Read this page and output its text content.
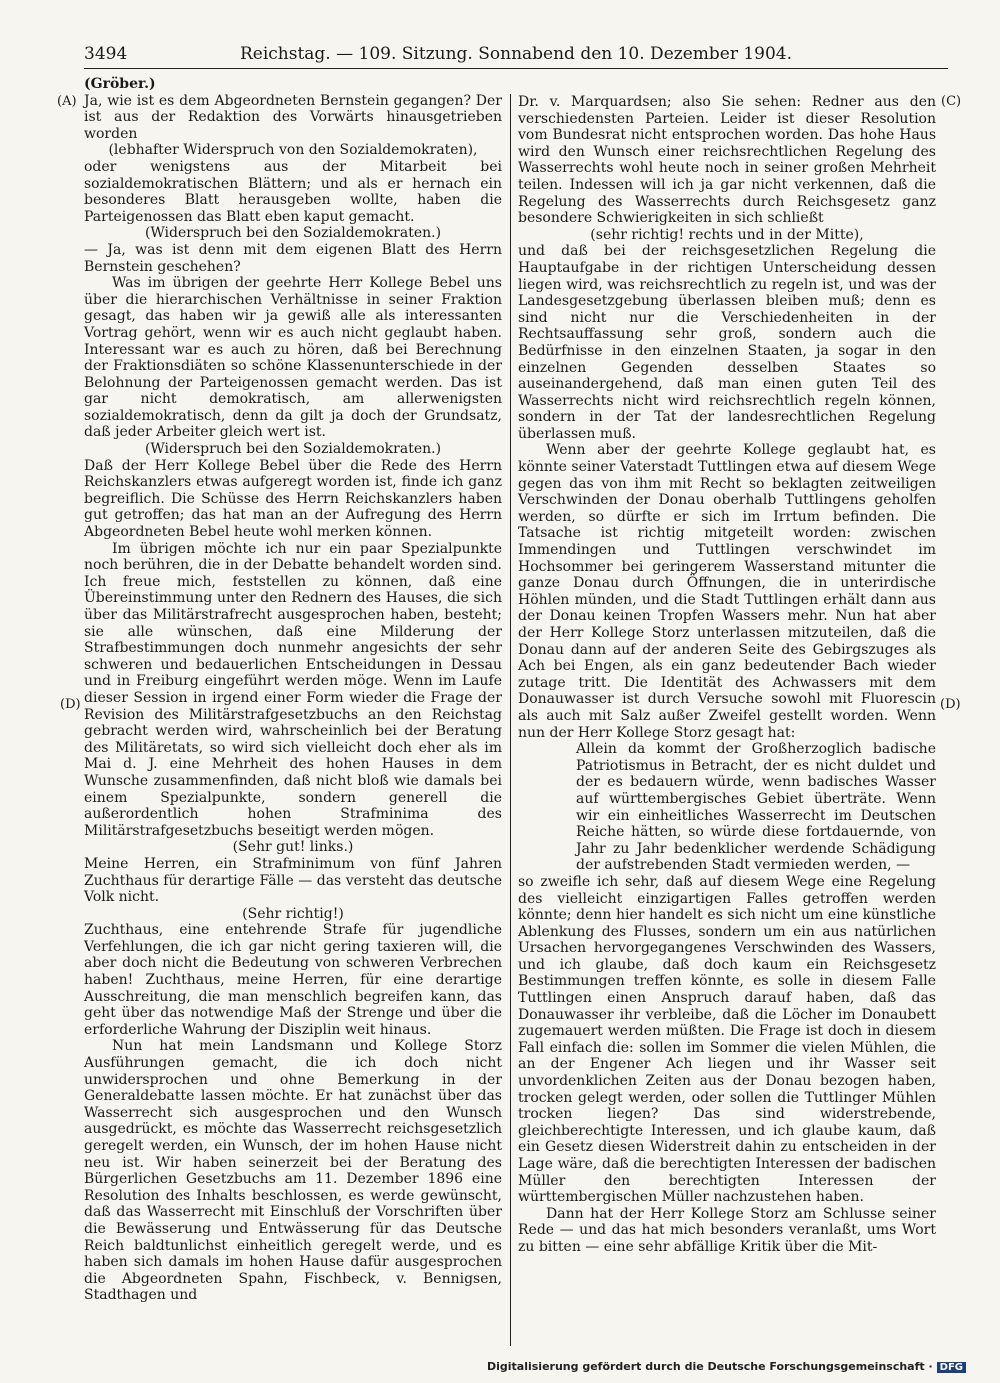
3494	Reichstag. — 109. Sitzung. Sonnabend den 10. Dezember 1904.
(A)	(C)
(D)	(D)

(Gröber.)

Ja, wie ist es dem Abgeordneten Bernstein gegangen? Der ist aus der Redaktion des Vorwärts hinausgetrieben worden

(lebhafter Widerspruch von den Sozialdemokraten),

oder wenigstens aus der Mitarbeit bei sozialdemokratischen Blättern; und als er hernach ein besonderes Blatt herausgeben wollte, haben die Parteigenossen das Blatt eben kaput gemacht.

(Widerspruch bei den Sozialdemokraten.)

— Ja, was ist denn mit dem eigenen Blatt des Herrn Bernstein geschehen?

Was im übrigen der geehrte Herr Kollege Bebel uns über die hierarchischen Verhältnisse in seiner Fraktion gesagt, das haben wir ja gewiß alle als interessanten Vortrag gehört, wenn wir es auch nicht geglaubt haben. Interessant war es auch zu hören, daß bei Berechnung der Fraktionsdiäten so schöne Klassenunterschiede in der Belohnung der Parteigenossen gemacht werden. Das ist gar nicht demokratisch, am allerwenigsten sozialdemokratisch, denn da gilt ja doch der Grundsatz, daß jeder Arbeiter gleich wert ist.

(Widerspruch bei den Sozialdemokraten.)

Daß der Herr Kollege Bebel über die Rede des Herrn Reichskanzlers etwas aufgeregt worden ist, finde ich ganz begreiflich. Die Schüsse des Herrn Reichskanzlers haben gut getroffen; das hat man an der Aufregung des Herrn Abgeordneten Bebel heute wohl merken können.

Im übrigen möchte ich nur ein paar Spezialpunkte noch berühren, die in der Debatte behandelt worden sind. Ich freue mich, feststellen zu können, daß eine Übereinstimmung unter den Rednern des Hauses, die sich über das Militärstrafrecht ausgesprochen haben, besteht; sie alle wünschen, daß eine Milderung der Strafbestimmungen doch nunmehr angesichts der sehr schweren und bedauerlichen Entscheidungen in Dessau und in Freiburg eingeführt werden möge. Wenn im Laufe dieser Session in irgend einer Form wieder die Frage der Revision des Militärstrafgesetzbuchs an den Reichstag gebracht werden wird, wahrscheinlich bei der Beratung des Militäretats, so wird sich vielleicht doch eher als im Mai d. J. eine Mehrheit des hohen Hauses in dem Wunsche zusammenfinden, daß nicht bloß wie damals bei einem Spezialpunkte, sondern generell die außerordentlich hohen Strafminima des Militärstrafgesetzbuchs beseitigt werden mögen.

(Sehr gut! links.)

Meine Herren, ein Strafminimum von fünf Jahren Zuchthaus für derartige Fälle — das versteht das deutsche Volk nicht.

(Sehr richtig!)

Zuchthaus, eine entehrende Strafe für jugendliche Verfehlungen, die ich gar nicht gering taxieren will, die aber doch nicht die Bedeutung von schweren Verbrechen haben! Zuchthaus, meine Herren, für eine derartige Ausschreitung, die man menschlich begreifen kann, das geht über das notwendige Maß der Strenge und über die erforderliche Wahrung der Disziplin weit hinaus.

Nun hat mein Landsmann und Kollege Storz Ausführungen gemacht, die ich doch nicht unwidersprochen und ohne Bemerkung in der Generaldebatte lassen möchte. Er hat zunächst über das Wasserrecht sich ausgesprochen und den Wunsch ausgedrückt, es möchte das Wasserrecht reichsgesetzlich geregelt werden, ein Wunsch, der im hohen Hause nicht neu ist. Wir haben seinerzeit bei der Beratung des Bürgerlichen Gesetzbuchs am 11. Dezember 1896 eine Resolution des Inhalts beschlossen, es werde gewünscht, daß das Wasserrecht mit Einschluß der Vorschriften über die Bewässerung und Entwässerung für das Deutsche Reich baldtunlichst einheitlich geregelt werde, und es haben sich damals im hohen Hause dafür ausgesprochen die Abgeordneten Spahn, Fischbeck, v. Bennigsen, Stadthagen und

Dr. v. Marquardsen; also Sie sehen: Redner aus den verschiedensten Parteien. Leider ist dieser Resolution vom Bundesrat nicht entsprochen worden. Das hohe Haus wird den Wunsch einer reichsrechtlichen Regelung des Wasserrechts wohl heute noch in seiner großen Mehrheit teilen. Indessen will ich ja gar nicht verkennen, daß die Regelung des Wasserrechts durch Reichsgesetz ganz besondere Schwierigkeiten in sich schließt

(sehr richtig! rechts und in der Mitte),

und daß bei der reichsgesetzlichen Regelung die Hauptaufgabe in der richtigen Unterscheidung dessen liegen wird, was reichsrechtlich zu regeln ist, und was der Landesgesetzgebung überlassen bleiben muß; denn es sind nicht nur die Verschiedenheiten in der Rechtsauffassung sehr groß, sondern auch die Bedürfnisse in den einzelnen Staaten, ja sogar in den einzelnen Gegenden desselben Staates so auseinandergehend, daß man einen guten Teil des Wasserrechts nicht wird reichsrechtlich regeln können, sondern in der Tat der landesrechtlichen Regelung überlassen muß.

Wenn aber der geehrte Kollege geglaubt hat, es könnte seiner Vaterstadt Tuttlingen etwa auf diesem Wege gegen das von ihm mit Recht so beklagten zeitweiligen Verschwinden der Donau oberhalb Tuttlingens geholfen werden, so dürfte er sich im Irrtum befinden. Die Tatsache ist richtig mitgeteilt worden: zwischen Immendingen und Tuttlingen verschwindet im Hochsommer bei geringerem Wasserstand mitunter die ganze Donau durch Öffnungen, die in unterirdische Höhlen münden, und die Stadt Tuttlingen erhält dann aus der Donau keinen Tropfen Wassers mehr. Nun hat aber der Herr Kollege Storz unterlassen mitzuteilen, daß die Donau dann auf der anderen Seite des Gebirgszuges als Ach bei Engen, als ein ganz bedeutender Bach wieder zutage tritt. Die Identität des Achwassers mit dem Donauwasser ist durch Versuche sowohl mit Fluorescin als auch mit Salz außer Zweifel gestellt worden. Wenn nun der Herr Kollege Storz gesagt hat:

Allein da kommt der Großherzoglich badische Patriotismus in Betracht, der es nicht duldet und der es bedauern würde, wenn badisches Wasser auf württembergisches Gebiet überträte. Wenn wir ein einheitliches Wasserrecht im Deutschen Reiche hätten, so würde diese fortdauernde, von Jahr zu Jahr bedenklicher werdende Schädigung der aufstrebenden Stadt vermieden werden, —

so zweifle ich sehr, daß auf diesem Wege eine Regelung des vielleicht einzigartigen Falles getroffen werden könnte; denn hier handelt es sich nicht um eine künstliche Ablenkung des Flusses, sondern um ein aus natürlichen Ursachen hervorgegangenes Verschwinden des Wassers, und ich glaube, daß doch kaum ein Reichsgesetz Bestimmungen treffen könnte, es solle in diesem Falle Tuttlingen einen Anspruch darauf haben, daß das Donauwasser ihr verbleibe, daß die Löcher im Donaubett zugemauert werden müßten. Die Frage ist doch in diesem Fall einfach die: sollen im Sommer die vielen Mühlen, die an der Engener Ach liegen und ihr Wasser seit unvordenklichen Zeiten aus der Donau bezogen haben, trocken gelegt werden, oder sollen die Tuttlinger Mühlen trocken liegen? Das sind widerstrebende, gleichberechtigte Interessen, und ich glaube kaum, daß ein Gesetz diesen Widerstreit dahin zu entscheiden in der Lage wäre, daß die berechtigten Interessen der badischen Müller den berechtigten Interessen der württembergischen Müller nachzustehen haben.

Dann hat der Herr Kollege Storz am Schlusse seiner Rede — und das hat mich besonders veranlaßt, ums Wort zu bitten — eine sehr abfällige Kritik über die Mit-

Digitalisierung gefördert durch die Deutsche Forschungsgemeinschaft · DFG
